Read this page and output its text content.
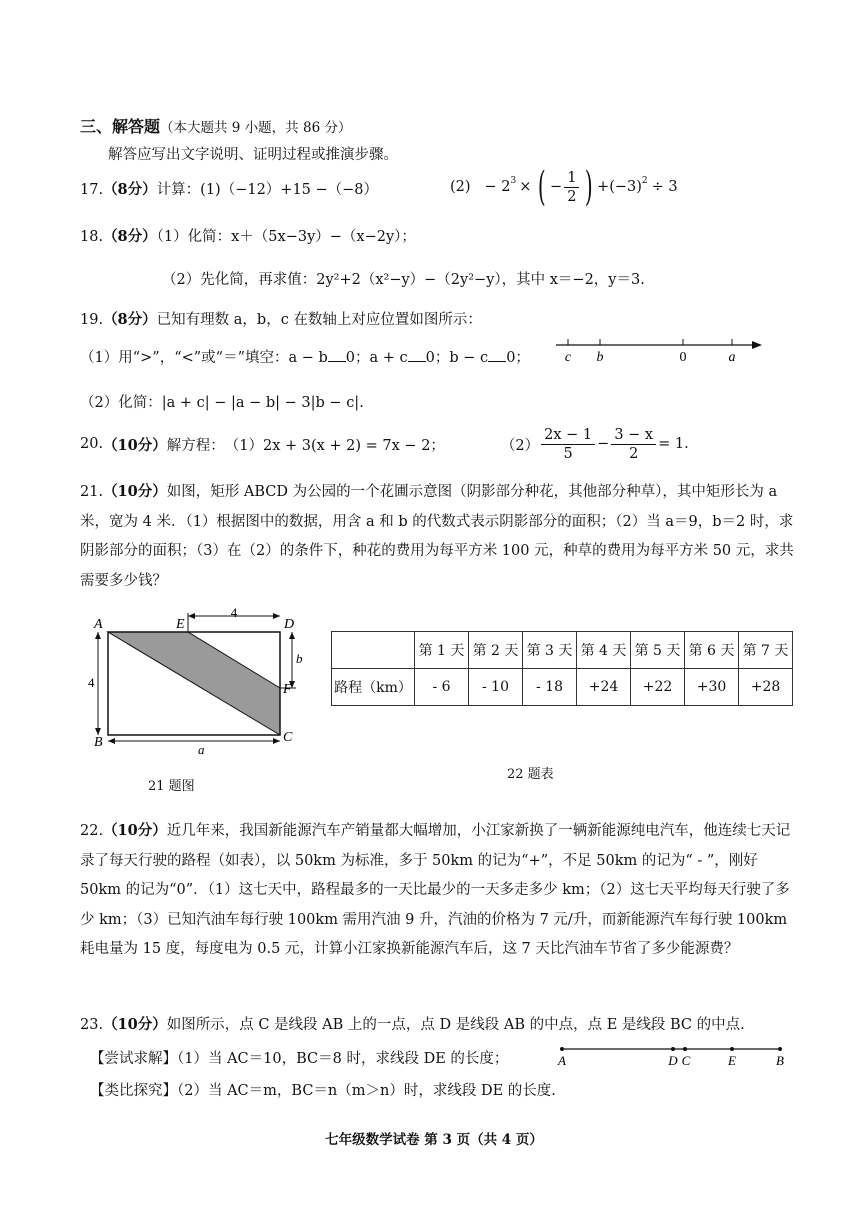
三、解答题（本大题共 9 小题，共 86 分）
解答应写出文字说明、证明过程或推演步骤。
17.（8分）计算：(1)（−12）+15 −（−8）	$(2) - 2^3$ × ( − $\frac{1}{2}$ ) + $(-3)^2 \div 3$
18.（8分）（1）化简：x＋（5x−3y）−（x−2y）；
（2）先化简，再求值：2y²+2（x²−y）−（2y²−y），其中 x＝−2，y＝3.
19.（8分）已知有理数 a，b，c 在数轴上对应位置如图所示：
（1）用“>”，“<”或“＝”填空：a − b 0；a + c 0；b − c 0； c b	0	a
（2）化简：|a + c| − |a − b| − 3|b − c|.
20. （10分） 解方程： （1）2x + 3(x + 2) = 7x − 2；	$(2) \frac{2x - 1}{5} - \frac{3 - x}{2} = 1$.
21.（10分）如图，矩形 ABCD 为公园的一个花圃示意图（阴影部分种花，其他部分种草），其中矩形长为 a 米，宽为 4 米．（1）根据图中的数据，用含 a 和 b 的代数式表示阴影部分的面积；（2）当 a＝9，b＝2 时，求阴影部分的面积；（3）在（2）的条件下，种花的费用为每平方米 100 元，种草的费用为每平方米 50 元，求共需要多少钱？
A	E	D
F
B	C
4
4
b
a
21 题图
	第 1 天	第 2 天	第 3 天	第 4 天	第 5 天	第 6 天	第 7 天
路程（km）	- 6	- 10	- 18	+24	+22	+30	+28
22 题表
22.（10分）近几年来，我国新能源汽车产销量都大幅增加，小江家新换了一辆新能源纯电汽车，他连续七天记录了每天行驶的路程（如表），以 50km 为标准，多于 50km 的记为“+”，不足 50km 的记为“ - ”，刚好 50km 的记为“0”．（1）这七天中，路程最多的一天比最少的一天多走多少 km；（2）这七天平均每天行驶了多少 km；（3）已知汽油车每行驶 100km 需用汽油 9 升，汽油的价格为 7 元/升，而新能源汽车每行驶 100km 耗电量为 15 度，每度电为 0.5 元，计算小江家换新能源汽车后，这 7 天比汽油车节省了多少能源费？
23.（10分）如图所示，点 C 是线段 AB 上的一点，点 D 是线段 AB 的中点，点 E 是线段 BC 的中点.
【尝试求解】（1）当 AC＝10，BC＝8 时，求线段 DE 的长度；
【类比探究】（2）当 AC＝m，BC＝n（m＞n）时，求线段 DE 的长度.
A	D C	E	B
七年级数学试卷 第 3 页（共 4 页）
